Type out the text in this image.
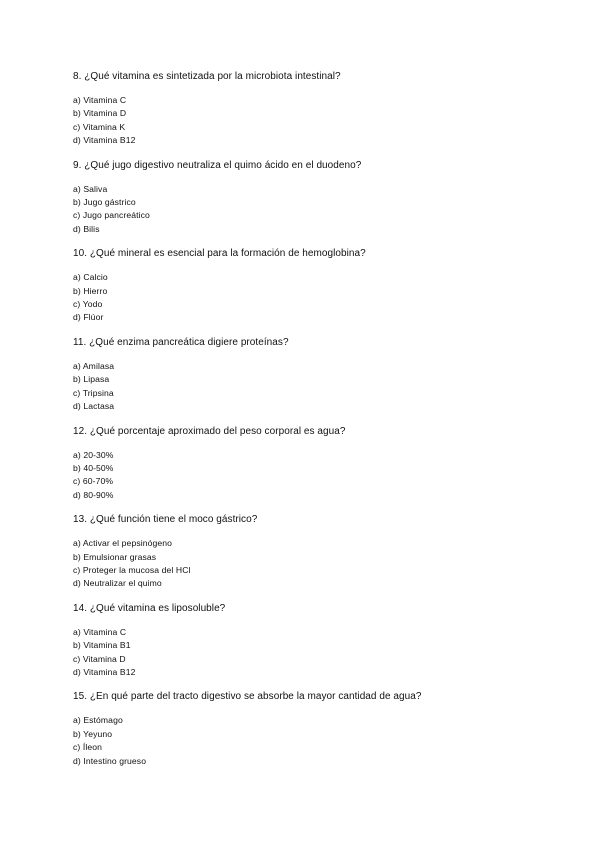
8. ¿Qué vitamina es sintetizada por la microbiota intestinal?
a) Vitamina C
b) Vitamina D
c) Vitamina K
d) Vitamina B12
9. ¿Qué jugo digestivo neutraliza el quimo ácido en el duodeno?
a) Saliva
b) Jugo gástrico
c) Jugo pancreático
d) Bilis
10. ¿Qué mineral es esencial para la formación de hemoglobina?
a) Calcio
b) Hierro
c) Yodo
d) Flúor
11. ¿Qué enzima pancreática digiere proteínas?
a) Amilasa
b) Lipasa
c) Tripsina
d) Lactasa
12. ¿Qué porcentaje aproximado del peso corporal es agua?
a) 20-30%
b) 40-50%
c) 60-70%
d) 80-90%
13. ¿Qué función tiene el moco gástrico?
a) Activar el pepsinógeno
b) Emulsionar grasas
c) Proteger la mucosa del HCl
d) Neutralizar el quimo
14. ¿Qué vitamina es liposoluble?
a) Vitamina C
b) Vitamina B1
c) Vitamina D
d) Vitamina B12
15. ¿En qué parte del tracto digestivo se absorbe la mayor cantidad de agua?
a) Estómago
b) Yeyuno
c) Íleon
d) Intestino grueso
